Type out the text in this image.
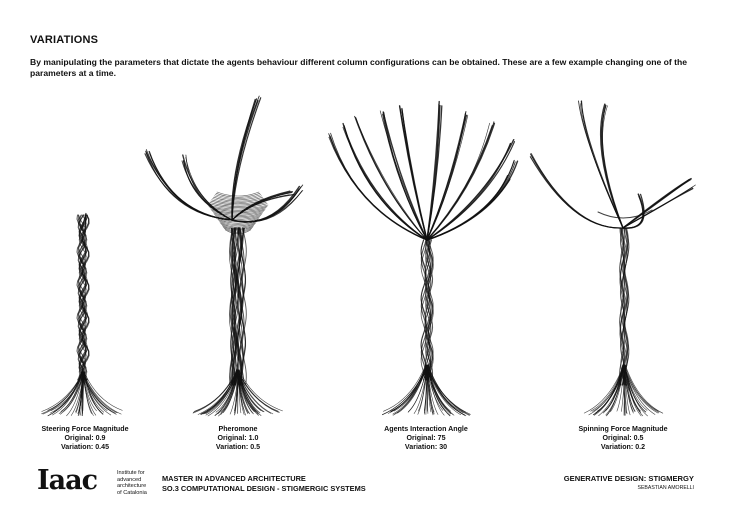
VARIATIONS
By manipulating the parameters that dictate the agents behaviour different column configurations can be obtained. These are a few example changing one of the parameters at a time.
Steering Force Magnitude
Original: 0.9
Variation: 0.45
Pheromone
Original: 1.0
Variation: 0.5
Agents Interaction Angle
Original: 75
Variation: 30
Spinning Force Magnitude
Original: 0.5
Variation: 0.2
Iaac	Institute for
advanced
architecture
of Catalonia
MASTER IN ADVANCED ARCHITECTURE
SO.3 COMPUTATIONAL DESIGN - STIGMERGIC SYSTEMS
GENERATIVE DESIGN: STIGMERGY
SEBASTIAN AMORELLI
